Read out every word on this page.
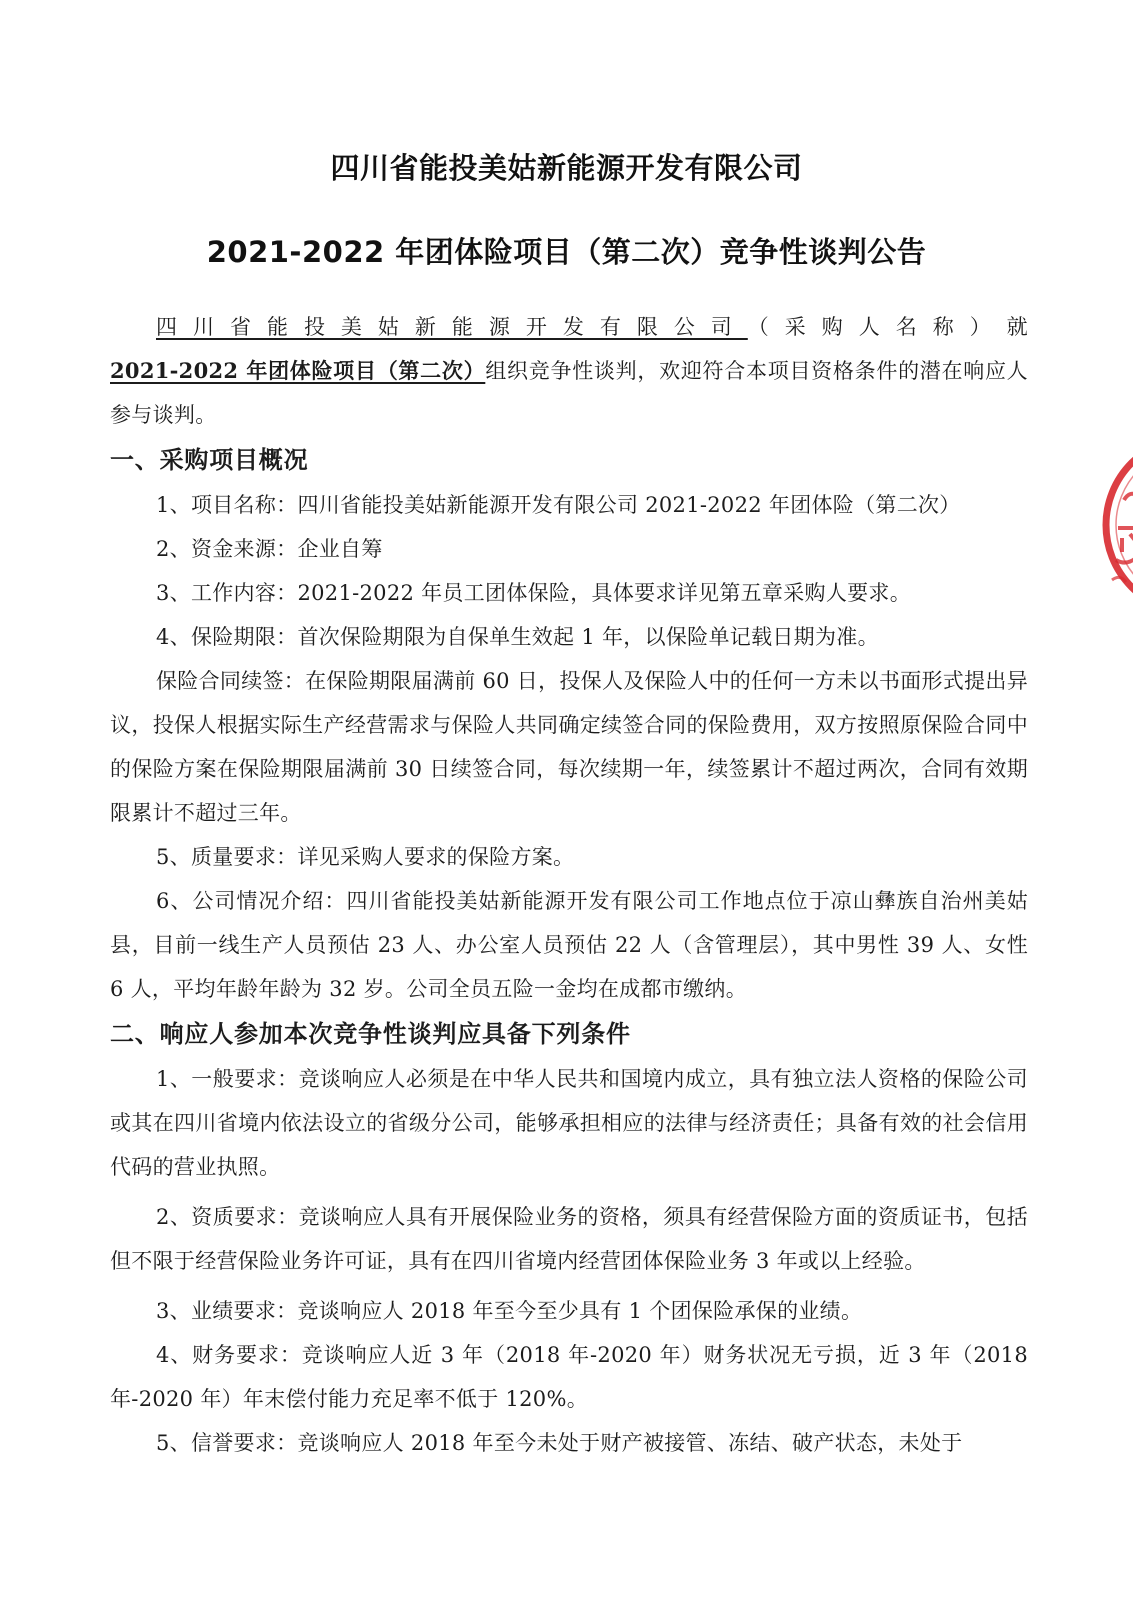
四川省能投美姑新能源开发有限公司
2021-2022 年团体险项目（第二次）竞争性谈判公告

四川省能投美姑新能源开发有限公司（采购人名称）就2021-2022 年团体险项目（第二次）组织竞争性谈判，欢迎符合本项目资格条件的潜在响应人参与谈判。

一、采购项目概况

1、项目名称：四川省能投美姑新能源开发有限公司 2021-2022 年团体险（第二次）

2、资金来源：企业自筹

3、工作内容：2021-2022 年员工团体保险，具体要求详见第五章采购人要求。

4、保险期限：首次保险期限为自保单生效起 1 年，以保险单记载日期为准。

保险合同续签：在保险期限届满前 60 日，投保人及保险人中的任何一方未以书面形式提出异议，投保人根据实际生产经营需求与保险人共同确定续签合同的保险费用，双方按照原保险合同中的保险方案在保险期限届满前 30 日续签合同，每次续期一年，续签累计不超过两次，合同有效期限累计不超过三年。

5、质量要求：详见采购人要求的保险方案。

6、公司情况介绍：四川省能投美姑新能源开发有限公司工作地点位于凉山彝族自治州美姑县，目前一线生产人员预估 23 人、办公室人员预估 22 人（含管理层），其中男性 39 人、女性 6 人，平均年龄年龄为 32 岁。公司全员五险一金均在成都市缴纳。

二、响应人参加本次竞争性谈判应具备下列条件

1、一般要求：竞谈响应人必须是在中华人民共和国境内成立，具有独立法人资格的保险公司或其在四川省境内依法设立的省级分公司，能够承担相应的法律与经济责任；具备有效的社会信用代码的营业执照。

2、资质要求：竞谈响应人具有开展保险业务的资格，须具有经营保险方面的资质证书，包括但不限于经营保险业务许可证，具有在四川省境内经营团体保险业务 3 年或以上经验。

3、业绩要求：竞谈响应人 2018 年至今至少具有 1 个团保险承保的业绩。

4、财务要求：竞谈响应人近 3 年（2018 年-2020 年）财务状况无亏损，近 3 年（2018 年-2020 年）年末偿付能力充足率不低于 120%。

5、信誉要求：竞谈响应人 2018 年至今未处于财产被接管、冻结、破产状态，未处于
